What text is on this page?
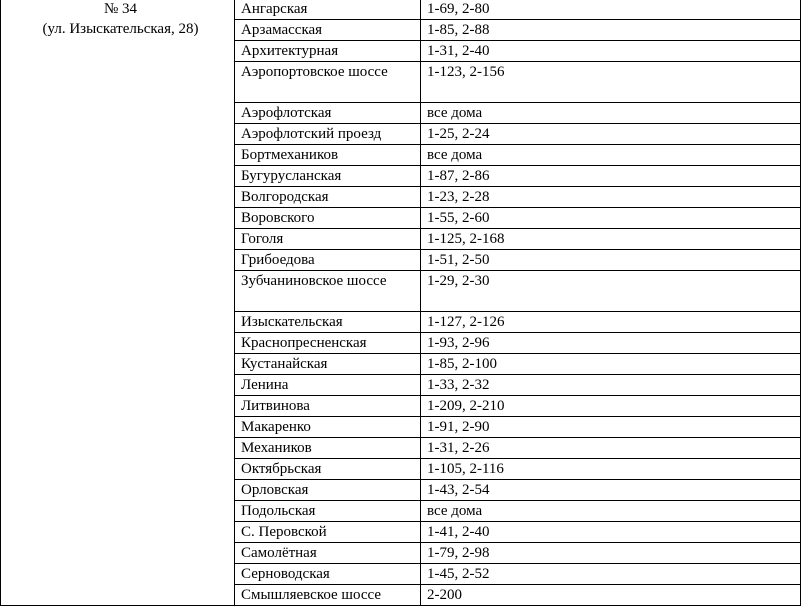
№ 34
(ул. Изыскательская, 28)	Ангарская	1-69, 2-80
	Арзамасская	1-85, 2-88
	Архитектурная	1-31, 2-40
	Аэропортовское шоссе	1-123, 2-156
	Аэрофлотская	все дома
	Аэрофлотский проезд	1-25, 2-24
	Бортмехаников	все дома
	Бугурусланская	1-87, 2-86
	Волгородская	1-23, 2-28
	Воровского	1-55, 2-60
	Гоголя	1-125, 2-168
	Грибоедова	1-51, 2-50
	Зубчаниновское шоссе	1-29, 2-30
	Изыскательская	1-127, 2-126
	Краснопресненская	1-93, 2-96
	Кустанайская	1-85, 2-100
	Ленина	1-33, 2-32
	Литвинова	1-209, 2-210
	Макаренко	1-91, 2-90
	Механиков	1-31, 2-26
	Октябрьская	1-105, 2-116
	Орловская	1-43, 2-54
	Подольская	все дома
	С. Перовской	1-41, 2-40
	Самолётная	1-79, 2-98
	Серноводская	1-45, 2-52
	Смышляевское шоссе	2-200
